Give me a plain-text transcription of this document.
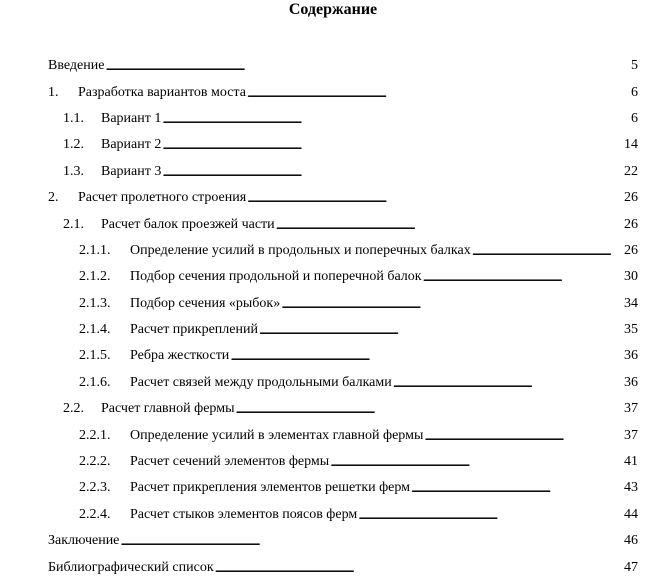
Содержание
Введение . . .	5
1.	Разработка вариантов моста . . .	6
1.1.	Вариант 1 . . .	6
1.2.	Вариант 2 . . .	14
1.3.	Вариант 3 . . .	22
2.	Расчет пролетного строения . . .	26
2.1.	Расчет балок проезжей части . . .	26
2.1.1.	Определение усилий в продольных и поперечных балках . . .	26
2.1.2.	Подбор сечения продольной и поперечной балок . . .	30
2.1.3.	Подбор сечения «рыбок» . . .	34
2.1.4.	Расчет прикреплений . . .	35
2.1.5.	Ребра жесткости . . .	36
2.1.6.	Расчет связей между продольными балками . . .	36
2.2.	Расчет главной фермы . . .	37
2.2.1.	Определение усилий в элементах главной фермы . . .	37
2.2.2.	Расчет сечений элементов фермы . . .	41
2.2.3.	Расчет прикрепления элементов решетки ферм . . .	43
2.2.4.	Расчет стыков элементов поясов ферм . . .	44
Заключение . . .	46
Библиографический список . . .	47
